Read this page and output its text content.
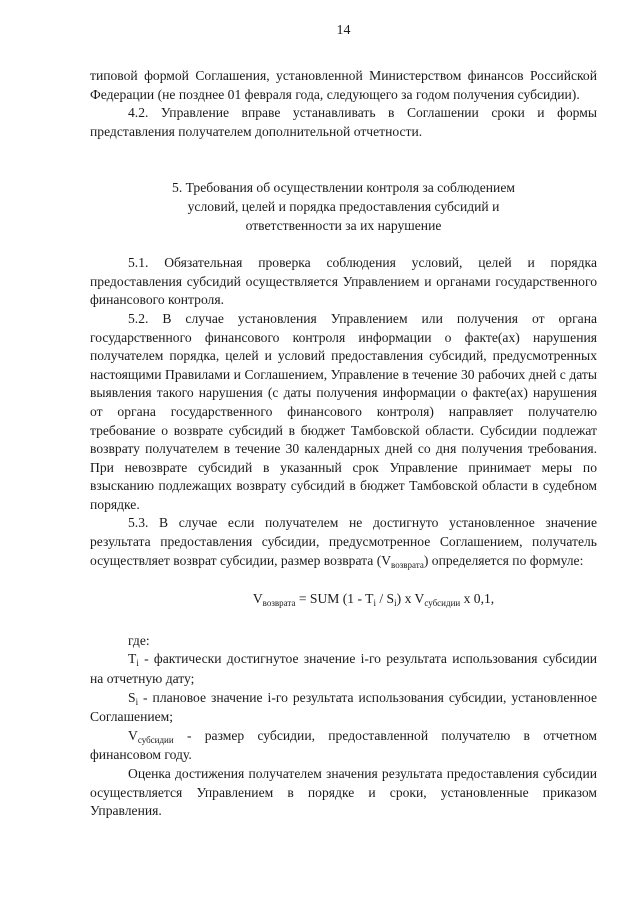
14

типовой формой Соглашения, установленной Министерством финансов Российской Федерации (не позднее 01 февраля года, следующего за годом получения субсидии).

4.2. Управление вправе устанавливать в Соглашении сроки и формы представления получателем дополнительной отчетности.

5. Требования об осуществлении контроля за соблюдением

условий, целей и порядка предоставления субсидий и

ответственности за их нарушение

5.1. Обязательная проверка соблюдения условий, целей и порядка предоставления субсидий осуществляется Управлением и органами государственного финансового контроля.

5.2. В случае установления Управлением или получения от органа государственного финансового контроля информации о факте(ах) нарушения получателем порядка, целей и условий предоставления субсидий, предусмотренных настоящими Правилами и Соглашением, Управление в течение 30 рабочих дней с даты выявления такого нарушения (с даты получения информации о факте(ах) нарушения от органа государственного финансового контроля) направляет получателю требование о возврате субсидий в бюджет Тамбовской области. Субсидии подлежат возврату получателем в течение 30 календарных дней со дня получения требования. При невозврате субсидий в указанный срок Управление принимает меры по взысканию подлежащих возврату субсидий в бюджет Тамбовской области в судебном порядке.

5.3. В случае если получателем не достигнуто установленное значение результата предоставления субсидии, предусмотренное Соглашением, получатель осуществляет возврат субсидии, размер возврата $(V_{возврата})$ определяется по формуле:

$V_{возврата}$ = SUM $(1 - T_i / S_i)$ x $V_{субсидии}$ x 0,1,

где:

$T_i$ - фактически достигнутое значение i-го результата использования субсидии на отчетную дату;

$S_i$ - плановое значение i-го результата использования субсидии, установленное Соглашением;

$V_{субсидии}$ - размер субсидии, предоставленной получателю в отчетном финансовом году.

Оценка достижения получателем значения результата предоставления субсидии осуществляется Управлением в порядке и сроки, установленные приказом Управления.
